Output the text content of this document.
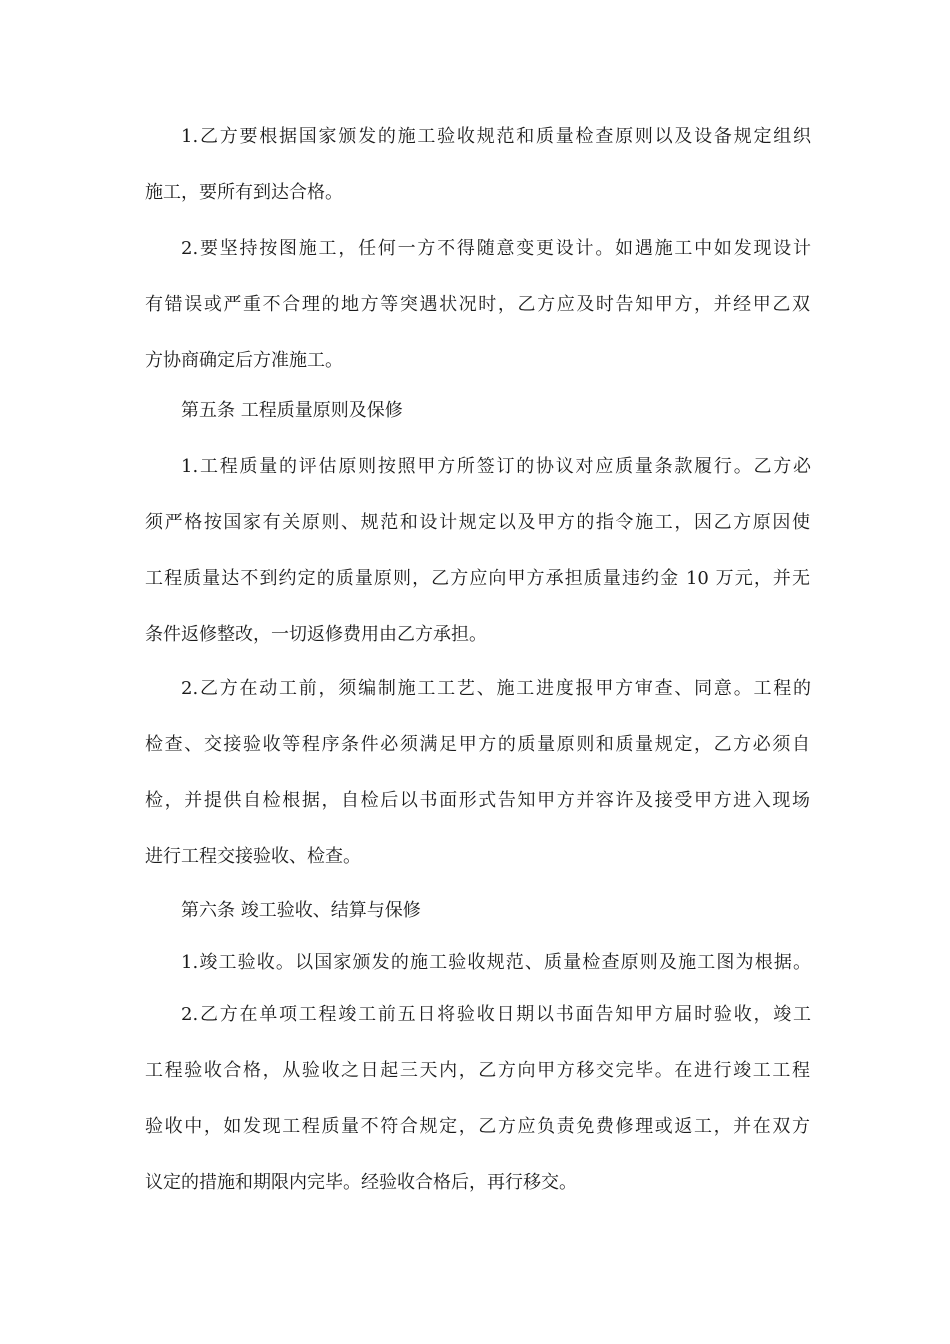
1.乙方要根据国家颁发的施工验收规范和质量检查原则以及设备规定组织
施工，要所有到达合格。
2.要坚持按图施工，任何一方不得随意变更设计。如遇施工中如发现设计
有错误或严重不合理的地方等突遇状况时，乙方应及时告知甲方，并经甲乙双
方协商确定后方准施工。
第五条 工程质量原则及保修
1.工程质量的评估原则按照甲方所签订的协议对应质量条款履行。乙方必
须严格按国家有关原则、规范和设计规定以及甲方的指令施工，因乙方原因使
工程质量达不到约定的质量原则，乙方应向甲方承担质量违约金 10 万元，并无
条件返修整改，一切返修费用由乙方承担。
2.乙方在动工前，须编制施工工艺、施工进度报甲方审查、同意。工程的
检查、交接验收等程序条件必须满足甲方的质量原则和质量规定，乙方必须自
检，并提供自检根据，自检后以书面形式告知甲方并容许及接受甲方进入现场
进行工程交接验收、检查。
第六条 竣工验收、结算与保修
1.竣工验收。以国家颁发的施工验收规范、质量检查原则及施工图为根据。
2.乙方在单项工程竣工前五日将验收日期以书面告知甲方届时验收，竣工
工程验收合格，从验收之日起三天内，乙方向甲方移交完毕。在进行竣工工程
验收中，如发现工程质量不符合规定，乙方应负责免费修理或返工，并在双方
议定的措施和期限内完毕。经验收合格后，再行移交。
